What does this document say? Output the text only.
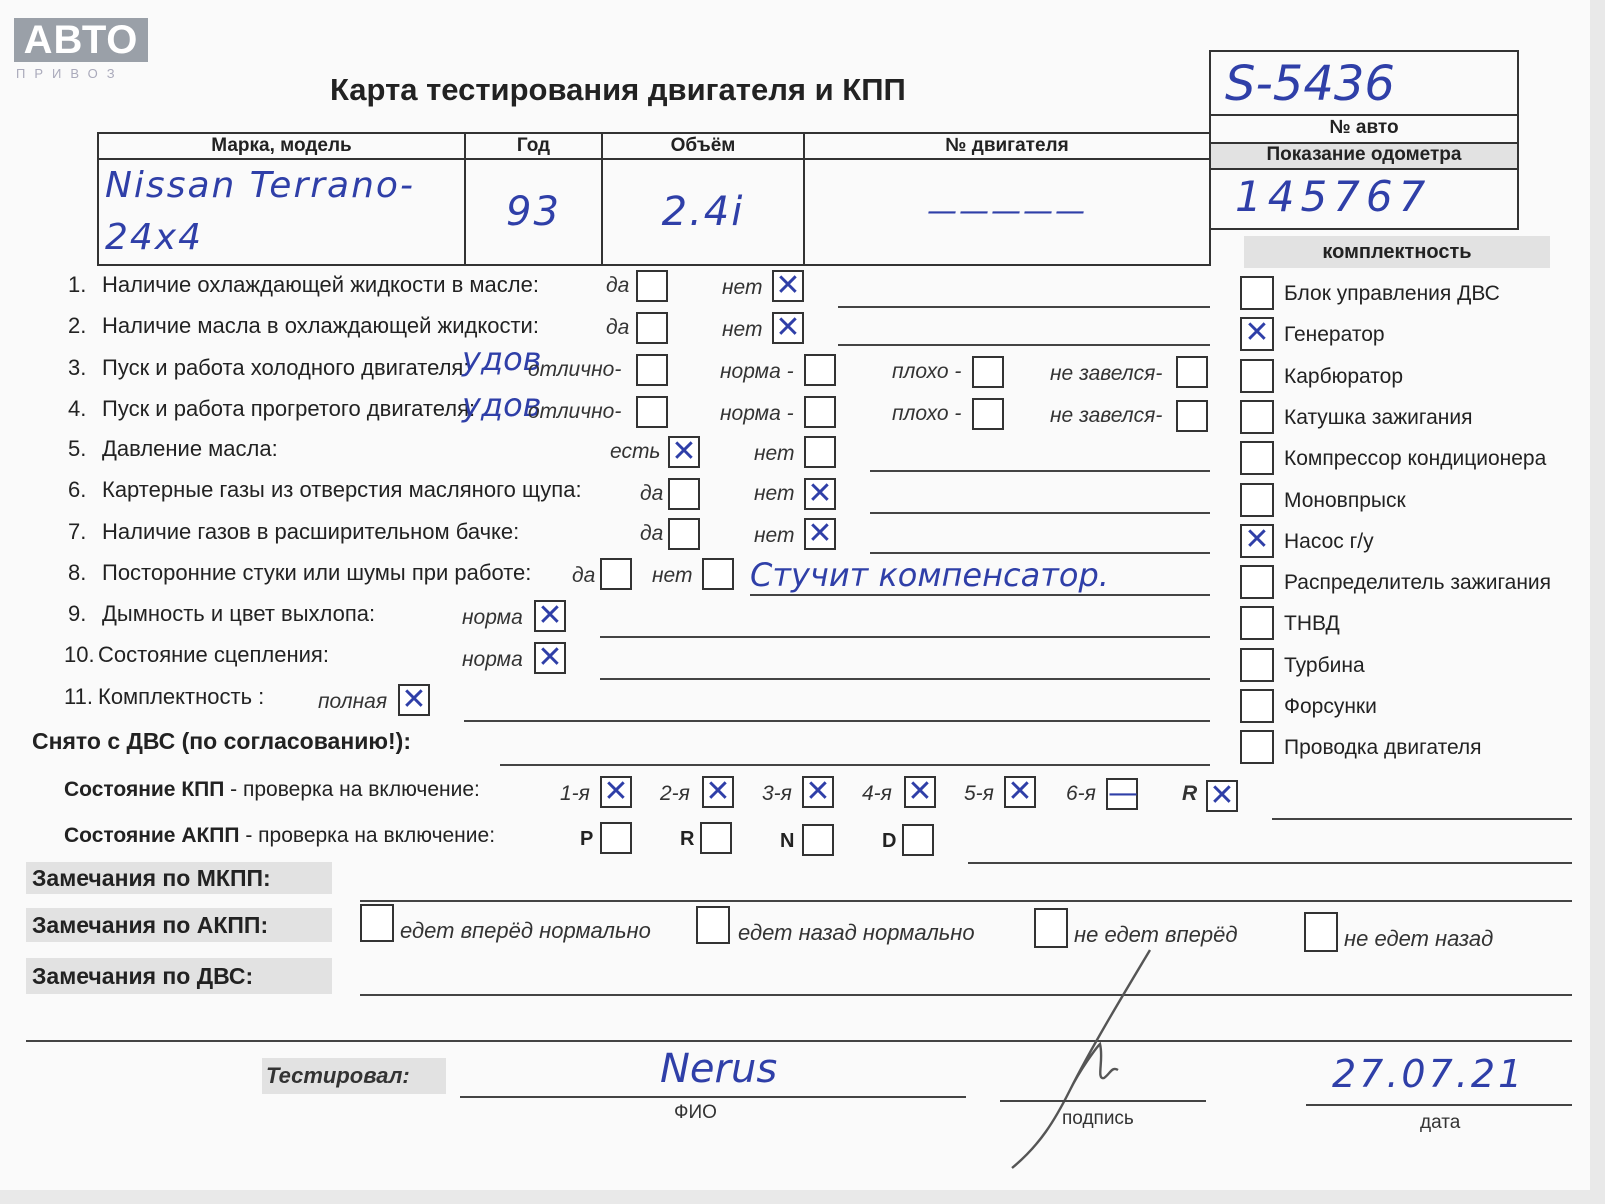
АВТО
ПРИВОЗ	Карта тестирования двигателя и КПП
Марка, модель	Год	Объём	№ двигателя
Nissan Terrano-24x4	93	2.4i	—————
S-5436
№ авто
Показание одометра
145767
1. Наличие охлаждающей жидкости в масле:	да	нет ✕
2. Наличие масла в охлаждающей жидкости:	да	нет ✕
3. Пуск и работа холодного двигателя:
удов
отлично-	норма -	плохо -	не завелся-
4. Пуск и работа прогретого двигателя:
удов
отлично-	норма -	плохо -	не завелся-
5. Давление масла:	есть ✕	нет
6. Картерные газы из отверстия масляного щупа:	да	нет ✕
7. Наличие газов в расширительном бачке:	да	нет ✕
8. Посторонние стуки или шумы при работе: да	нет Стучит компенсатор.
9. Дымность и цвет выхлопа:	норма ✕
10. Состояние сцепления:	норма ✕
11. Комплектность :	полная ✕
Снято с ДВС (по согласованию!):
Состояние КПП - проверка на включение:	1-я ✕ 2-я ✕ 3-я ✕ 4-я ✕ 5-я ✕ 6-я — R ✕
Состояние АКПП - проверка на включение:	P	R	N	D
Замечания по МКПП:
Замечания по АКПП:	едет вперёд нормально	едет назад нормально	не едет вперёд	не едет назад
Замечания по ДВС:
Тестировал:	Nerus
ФИО	подпись
27.07.21
дата
комплектность
Блок управления ДВС
✕ Генератор
Карбюратор
Катушка зажигания
Компрессор кондиционера
Моновпрыск
✕ Насос г/у
Распределитель зажигания
ТНВД
Турбина
Форсунки
Проводка двигателя
